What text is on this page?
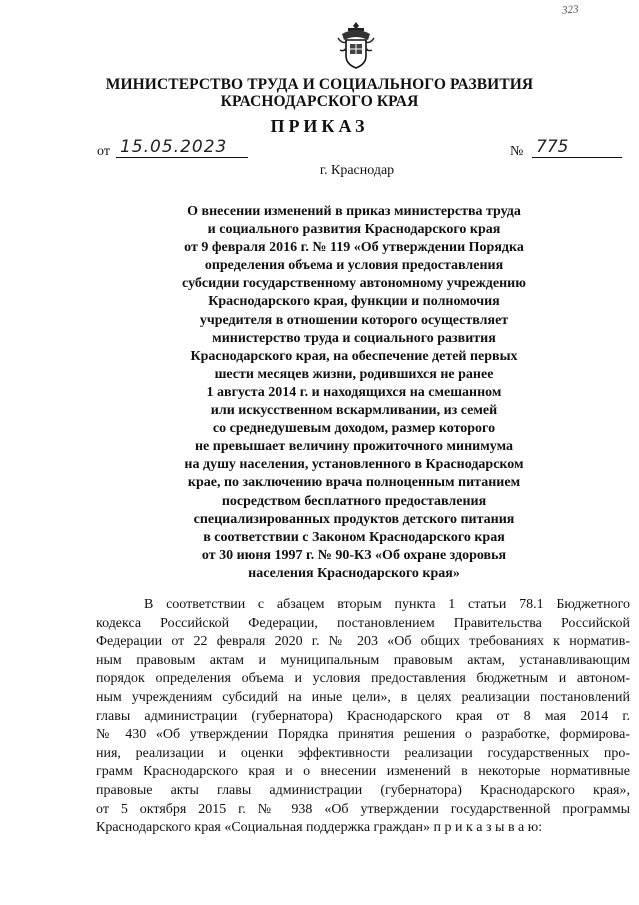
323
МИНИСТЕРСТВО ТРУДА И СОЦИАЛЬНОГО РАЗВИТИЯ
КРАСНОДАРСКОГО КРАЯ
ПРИКАЗ
от 15.05.2023	№ 775
г. Краснодар
О внесении изменений в приказ министерства труда
и социального развития Краснодарского края
от 9 февраля 2016 г. № 119 «Об утверждении Порядка
определения объема и условия предоставления
субсидии государственному автономному учреждению
Краснодарского края, функции и полномочия
учредителя в отношении которого осуществляет
министерство труда и социального развития
Краснодарского края, на обеспечение детей первых
шести месяцев жизни, родившихся не ранее
1 августа 2014 г. и находящихся на смешанном
или искусственном вскармливании, из семей
со среднедушевым доходом, размер которого
не превышает величину прожиточного минимума
на душу населения, установленного в Краснодарском
крае, по заключению врача полноценным питанием
посредством бесплатного предоставления
специализированных продуктов детского питания
в соответствии с Законом Краснодарского края
от 30 июня 1997 г. № 90-КЗ «Об охране здоровья
населения Краснодарского края»
В соответствии с абзацем вторым пункта 1 статьи 78.1 Бюджетного
кодекса Российской Федерации, постановлением Правительства Российской
Федерации от 22 февраля 2020 г. № 203 «Об общих требованиях к норматив-
ным правовым актам и муниципальным правовым актам, устанавливающим
порядок определения объема и условия предоставления бюджетным и автоном-
ным учреждениям субсидий на иные цели», в целях реализации постановлений
главы администрации (губернатора) Краснодарского края от 8 мая 2014 г.
№ 430 «Об утверждении Порядка принятия решения о разработке, формирова-
ния, реализации и оценки эффективности реализации государственных про-
грамм Краснодарского края и о внесении изменений в некоторые нормативные
правовые акты главы администрации (губернатора) Краснодарского края»,
от 5 октября 2015 г. № 938 «Об утверждении государственной программы
Краснодарского края «Социальная поддержка граждан» п р и к а з ы в а ю:
